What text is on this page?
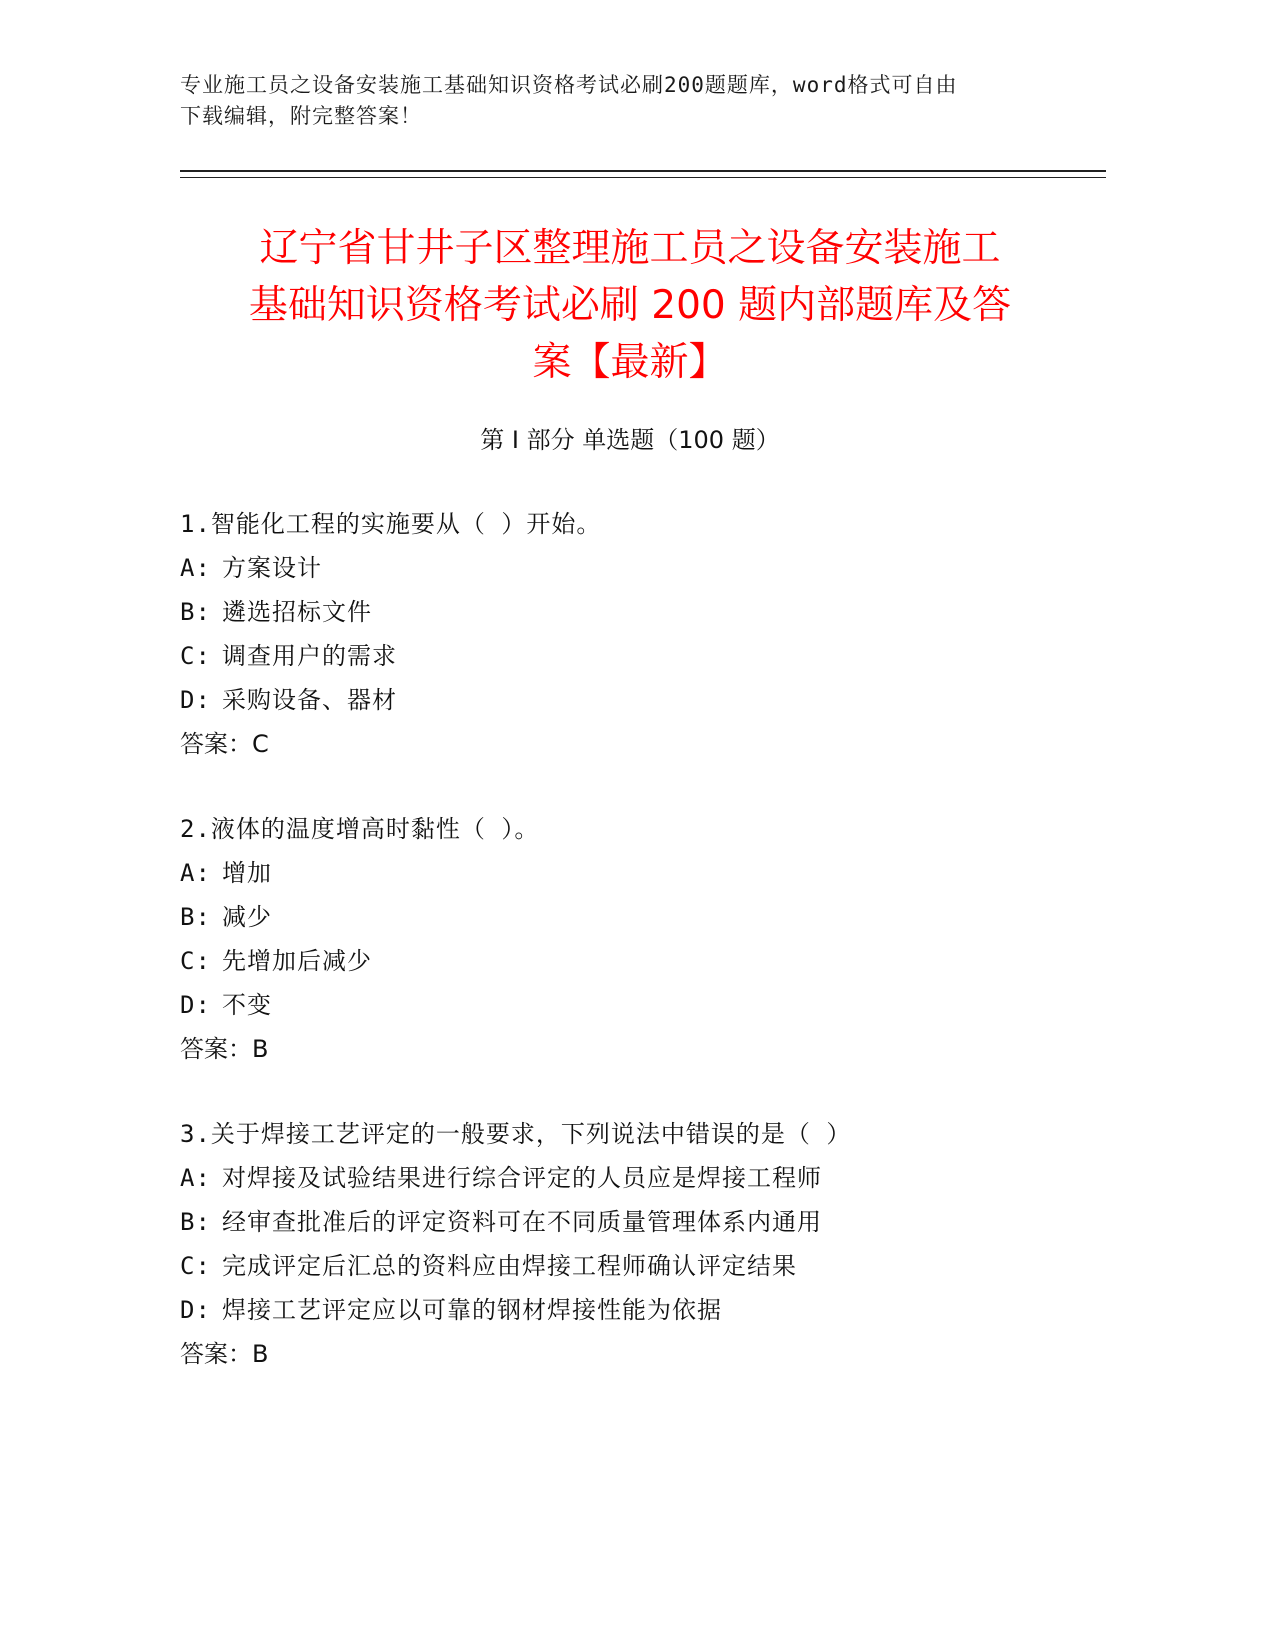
专业施工员之设备安装施工基础知识资格考试必刷200题题库，word格式可自由
下载编辑，附完整答案！
辽宁省甘井子区整理施工员之设备安装施工
基础知识资格考试必刷 200 题内部题库及答
案【最新】
第 I 部分 单选题（100 题）
1.智能化工程的实施要从（ ）开始。
A: 方案设计
B: 遴选招标文件
C: 调查用户的需求
D: 采购设备、器材
答案：C
2.液体的温度增高时黏性（ ）。
A: 增加
B: 减少
C: 先增加后减少
D: 不变
答案：B
3.关于焊接工艺评定的一般要求，下列说法中错误的是（ ）
A: 对焊接及试验结果进行综合评定的人员应是焊接工程师
B: 经审查批准后的评定资料可在不同质量管理体系内通用
C: 完成评定后汇总的资料应由焊接工程师确认评定结果
D: 焊接工艺评定应以可靠的钢材焊接性能为依据
答案：B
